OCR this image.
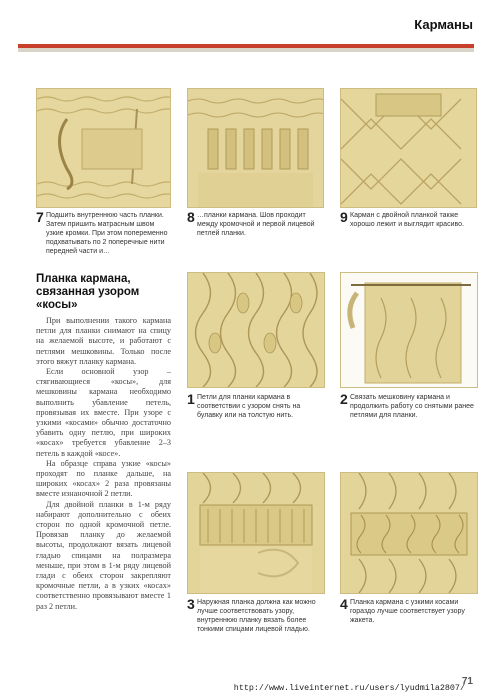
Карманы
7 Подшить внутреннюю часть планки. Затем пришить матрасным швом узкие кромки. При этом попеременно подхватывать по 2 поперечные нити передней части и…
8 …планки кармана. Шов проходит между кромочной и первой лицевой петлей планки.
9 Карман с двойной планкой также хорошо лежит и выглядит красиво.
Планка кармана, связанная узором «косы»

При выполнении такого кармана петли для планки снимают на спицу на желаемой высоте, и работают с петлями мешковины. Только после этого вяжут планку кармана.

Если основной узор – стягивающиеся «косы», для мешковины кармана необходимо выполнить убавление петель, провязывая их вместе. При узоре с узкими «косами» обычно достаточно убавить одну петлю, при широких «косах» требуется убавление 2–3 петель в каждой «косе».

На образце справа узкие «косы» проходят по планке дальше, на широких «косах» 2 раза провязаны вместе изнаночной 2 петли.

Для двойной планки в 1-м ряду набирают дополнительно с обеих сторон по одной кромочной петле. Провязав планку до желаемой высоты, продолжают вязать лицевой гладью спицами на полразмера меньше, при этом в 1-м ряду лицевой глади с обеих сторон закрепляют кромочные петли, а в узких «косах» соответственно провязывают вместе 1 раз 2 петли.

1 Петли для планки кармана в соответствии с узором снять на булавку или на толстую нить.
2 Связать мешковину кармана и продолжить работу со снятыми ранее петлями для планки.
3 Наружная планка должна как можно лучше соответствовать узору, внутреннюю планку вязать более тонкими спицами лицевой гладью.
4 Планка кармана с узкими косами гораздо лучше соответствует узору жакета.
71
http://www.liveinternet.ru/users/lyudmila2807/
